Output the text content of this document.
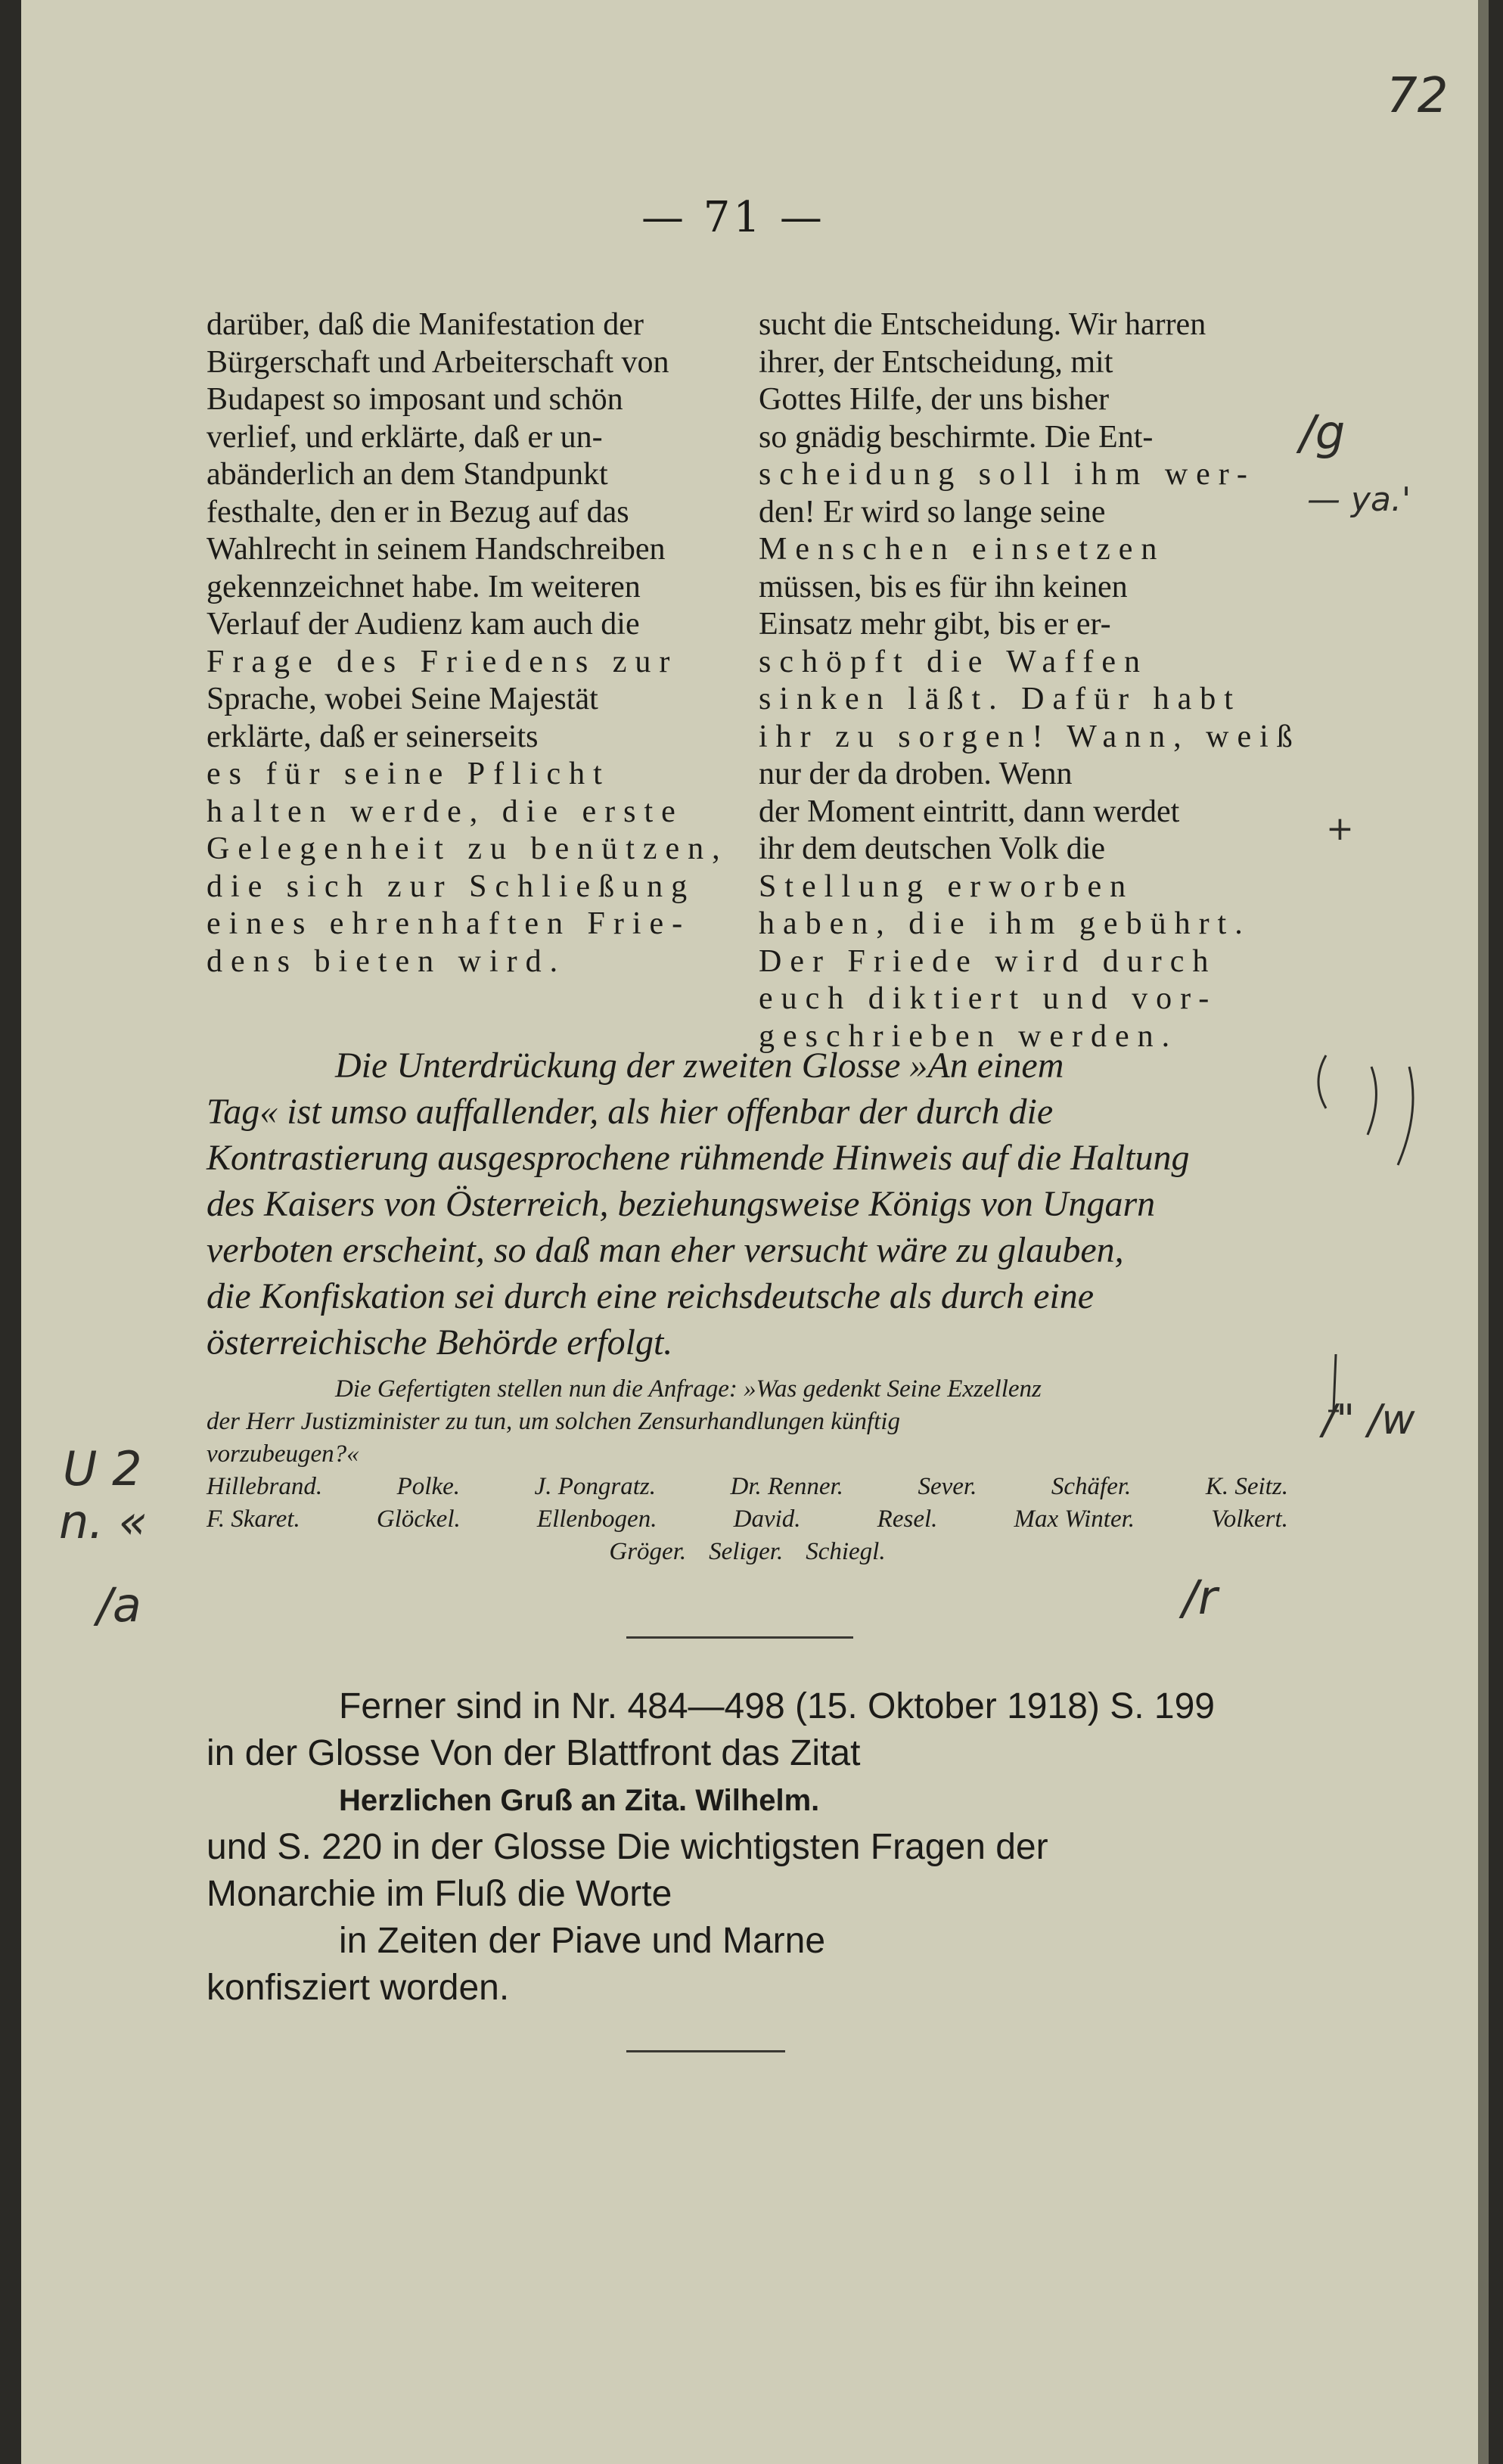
72
— 71 —
darüber, daß die Manifestation der
Bürgerschaft und Arbeiterschaft von
Budapest so imposant und schön
verlief, und erklärte, daß er un-
abänderlich an dem Standpunkt
festhalte, den er in Bezug auf das
Wahlrecht in seinem Handschreiben
gekennzeichnet habe. Im weiteren
Verlauf der Audienz kam auch die
Frage des Friedens zur
Sprache, wobei Seine Majestät
erklärte, daß er seinerseits
es für seine Pflicht
halten werde, die erste
Gelegenheit zu benützen,
die sich zur Schließung
eines ehrenhaften Frie-
dens bieten wird.
sucht die Entscheidung. Wir harren
ihrer, der Entscheidung, mit
Gottes Hilfe, der uns bisher
so gnädig beschirmte. Die Ent-
scheidung soll ihm wer-
den! Er wird so lange seine
Menschen einsetzen
müssen, bis es für ihn keinen
Einsatz mehr gibt, bis er er-
schöpft die Waffen
sinken läßt. Dafür habt
ihr zu sorgen! Wann, weiß
nur der da droben. Wenn
der Moment eintritt, dann werdet
ihr dem deutschen Volk die
Stellung erworben
haben, die ihm gebührt.
Der Friede wird durch
euch diktiert und vor-
geschrieben werden.
Die Unterdrückung der zweiten Glosse »An einem
Tag« ist umso auffallender, als hier offenbar der durch die
Kontrastierung ausgesprochene rühmende Hinweis auf die Haltung
des Kaisers von Österreich, beziehungsweise Königs von Ungarn
verboten erscheint, so daß man eher versucht wäre zu glauben,
die Konfiskation sei durch eine reichsdeutsche als durch eine
österreichische Behörde erfolgt.
Die Gefertigten stellen nun die Anfrage: »Was gedenkt Seine Exzellenz
der Herr Justizminister zu tun, um solchen Zensurhandlungen künftig
vorzubeugen?«
Hillebrand.	Polke.	J. Pongratz.	Dr. Renner.	Sever.	Schäfer.	K. Seitz.
F. Skaret.	Glöckel.	Ellenbogen.	David.	Resel.	Max Winter.	Volkert.
Gröger. Seliger. Schiegl.
Ferner sind in Nr. 484—498 (15. Oktober 1918) S. 199
in der Glosse Von der Blattfront das Zitat
Herzlichen Gruß an Zita. Wilhelm.
und S. 220 in der Glosse Die wichtigsten Fragen der
Monarchie im Fluß die Worte
in Zeiten der Piave und Marne
konfisziert worden.
/g
— ya.'
+
/r
U 2
n. «
/a
/" /w
